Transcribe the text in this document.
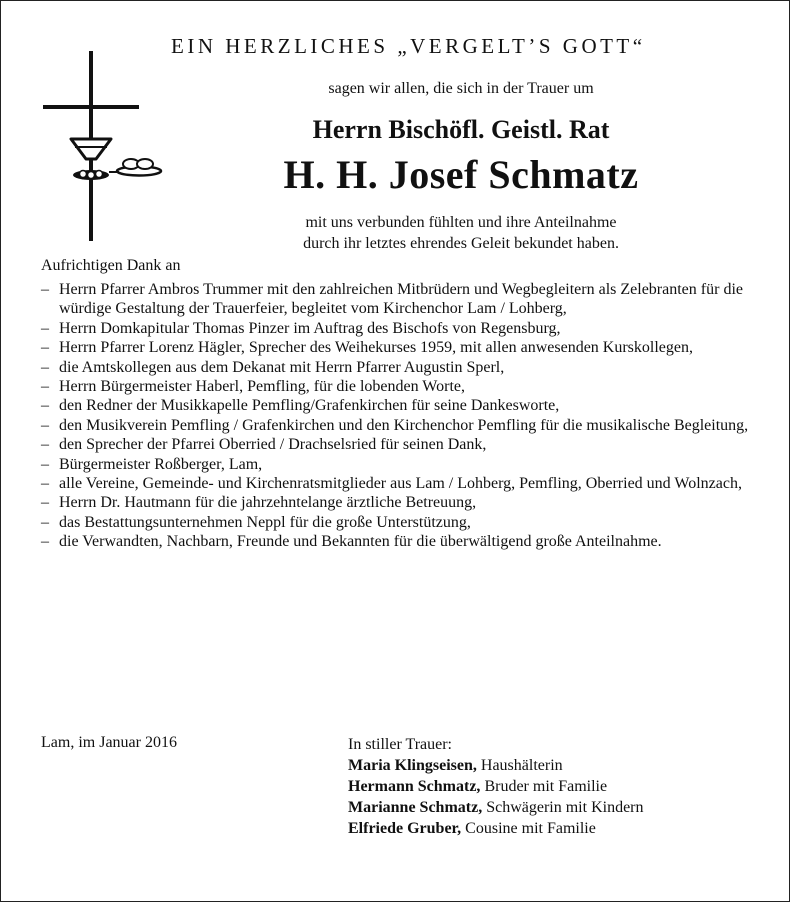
EIN HERZLICHES „VERGELT’S GOTT“
sagen wir allen, die sich in der Trauer um
Herrn Bischöfl. Geistl. Rat
H. H. Josef Schmatz
mit uns verbunden fühlten und ihre Anteilnahme
durch ihr letztes ehrendes Geleit bekundet haben.
Aufrichtigen Dank an
– Herrn Pfarrer Ambros Trummer mit den zahlreichen Mitbrüdern und Wegbegleitern als Zelebranten für die würdige Gestaltung der Trauerfeier, begleitet vom Kirchenchor Lam / Lohberg,
– Herrn Domkapitular Thomas Pinzer im Auftrag des Bischofs von Regensburg,
– Herrn Pfarrer Lorenz Hägler, Sprecher des Weihekurses 1959, mit allen anwesenden Kurskollegen,
– die Amtskollegen aus dem Dekanat mit Herrn Pfarrer Augustin Sperl,
– Herrn Bürgermeister Haberl, Pemfling, für die lobenden Worte,
– den Redner der Musikkapelle Pemfling/Grafenkirchen für seine Dankesworte,
– den Musikverein Pemfling / Grafenkirchen und den Kirchenchor Pemfling für die musikalische Begleitung,
– den Sprecher der Pfarrei Oberried / Drachselsried für seinen Dank,
– Bürgermeister Roßberger, Lam,
– alle Vereine, Gemeinde- und Kirchenratsmitglieder aus Lam / Lohberg, Pemfling, Oberried und Wolnzach,
– Herrn Dr. Hautmann für die jahrzehntelange ärztliche Betreuung,
– das Bestattungsunternehmen Neppl für die große Unterstützung,
– die Verwandten, Nachbarn, Freunde und Bekannten für die überwältigend große Anteilnahme.
Lam, im Januar 2016	In stiller Trauer:
Maria Klingseisen, Haushälterin
Hermann Schmatz, Bruder mit Familie
Marianne Schmatz, Schwägerin mit Kindern
Elfriede Gruber, Cousine mit Familie
